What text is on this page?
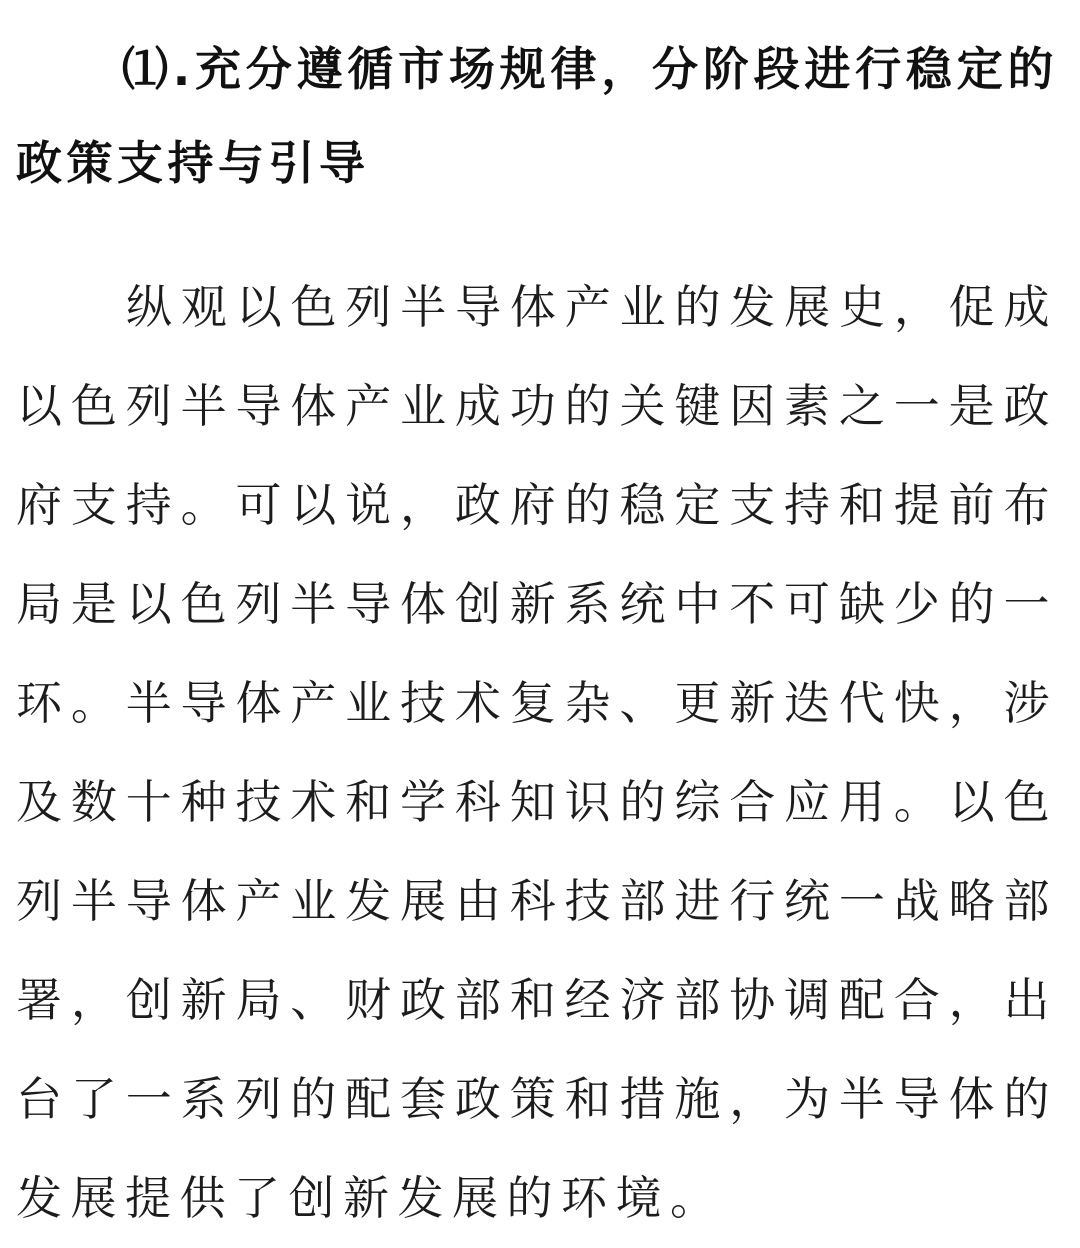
⑴.充分遵循市场规律，分阶段进行稳定的政策支持与引导

纵观以色列半导体产业的发展史，促成以色列半导体产业成功的关键因素之一是政府支持。可以说，政府的稳定支持和提前布局是以色列半导体创新系统中不可缺少的一环。半导体产业技术复杂、更新迭代快，涉及数十种技术和学科知识的综合应用。以色列半导体产业发展由科技部进行统一战略部署，创新局、财政部和经济部协调配合，出台了一系列的配套政策和措施，为半导体的发展提供了创新发展的环境。
